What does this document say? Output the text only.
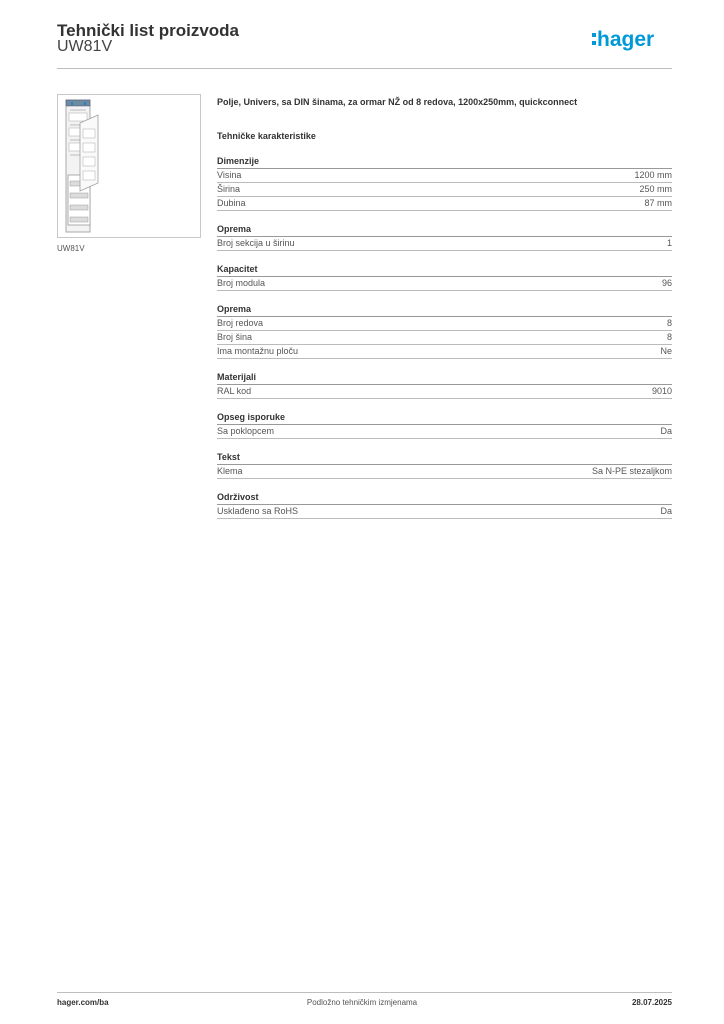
Tehnički list proizvoda
UW81V	hager
UW81V
Polje, Univers, sa DIN šinama, za ormar NŽ od 8 redova, 1200x250mm, quickconnect
Tehničke karakteristike
Dimenzije
Visina	1200 mm
Širina	250 mm
Dubina	87 mm
Oprema
Broj sekcija u širinu	1
Kapacitet
Broj modula	96
Oprema
Broj redova	8
Broj šina	8
Ima montažnu ploču	Ne
Materijali
RAL kod	9010
Opseg isporuke
Sa poklopcem	Da
Tekst
Klema	Sa N-PE stezaljkom
Održivost
Usklađeno sa RoHS	Da
hager.com/ba	Podložno tehničkim izmjenama	28.07.2025
